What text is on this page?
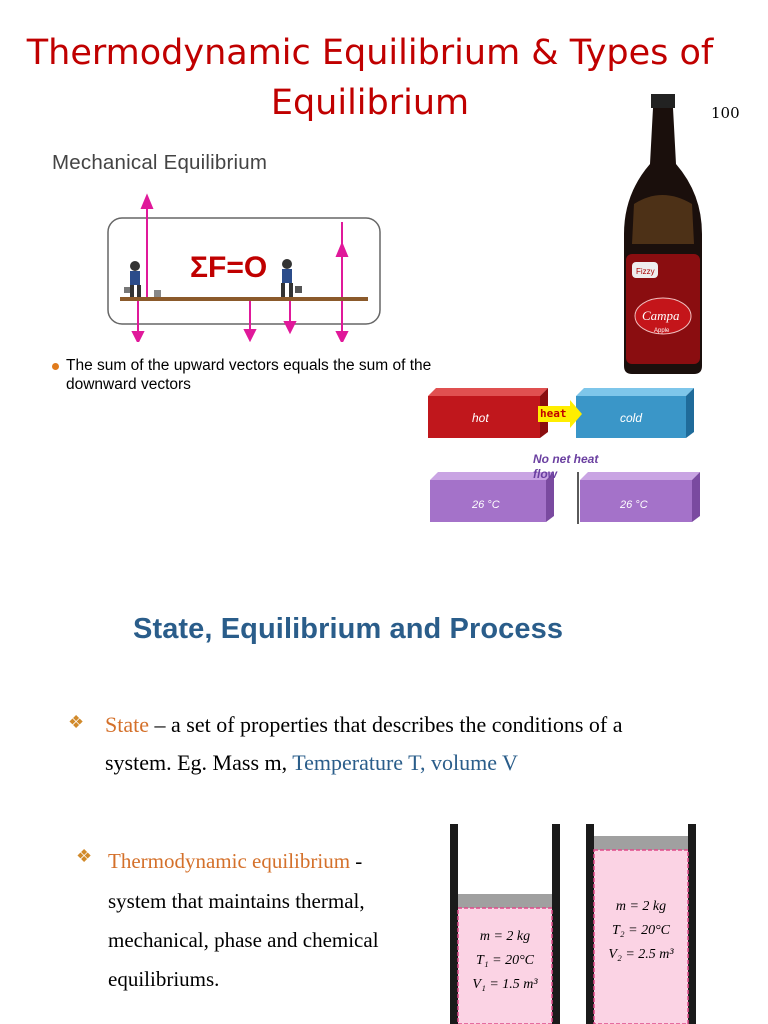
Thermodynamic Equilibrium & Types of Equilibrium	100
Mechanical Equilibrium
ΣF=O
The sum of the upward vectors equals the sum of the downward vectors
Fizzy
Campa
Apple
hot	cold
26 °C	26 °C
heat
No net heat flow
State, Equilibrium and Process
❖ State – a set of properties that describes the conditions of a
system. Eg. Mass m, Temperature T, volume V
❖ Thermodynamic equilibrium -
system that maintains thermal,
mechanical, phase and chemical
equilibriums.
m = 2 kg
T₁ = 20°C
V₁ = 1.5 m³
m = 2 kg
T₂ = 20°C
V₂ = 2.5 m³
